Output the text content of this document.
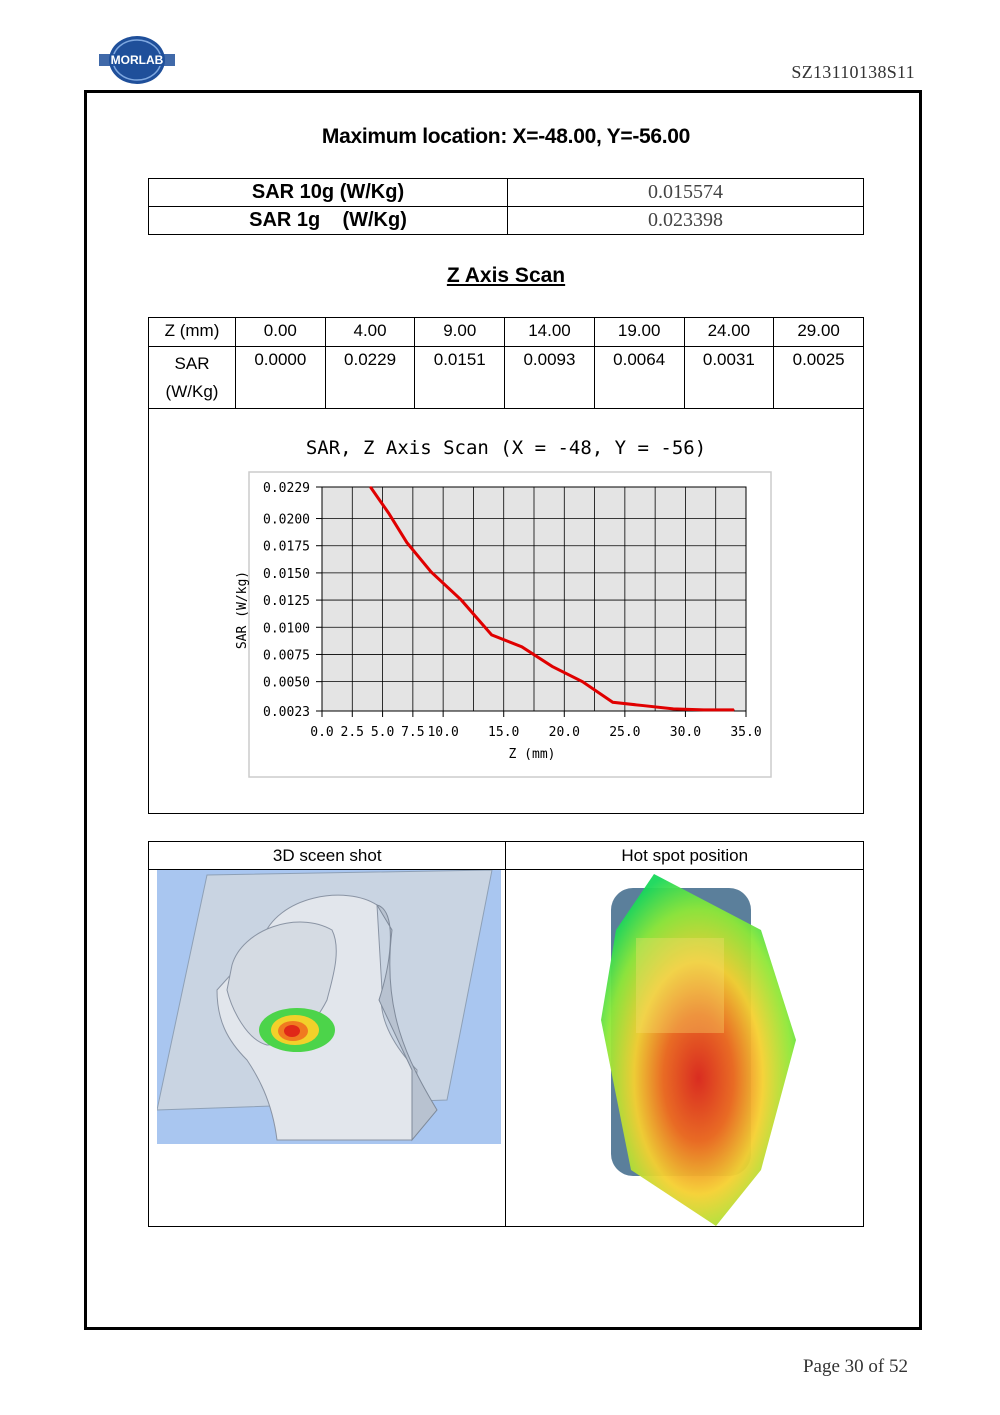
MORLAB
SZ13110138S11
Maximum location: X=-48.00, Y=-56.00
SAR 10g (W/Kg)	0.015574
SAR 1g    (W/Kg)	0.023398
Z Axis Scan
Z (mm)	0.00	4.00	9.00	14.00	19.00	24.00	29.00
SAR (W/Kg)	0.0000	0.0229	0.0151	0.0093	0.0064	0.0031	0.0025
SAR, Z Axis Scan (X = -48, Y = -56)
0.0229
0.0200
0.0175
0.0150
0.0125
0.0100
0.0075
0.0050
0.0023
0.0 2.5 5.0 7.5 10.0 15.0 20.0 25.0 30.0 35.0
SAR (W/kg)
Z (mm)
3D sceen shot	Hot spot position

Page 30 of 52
